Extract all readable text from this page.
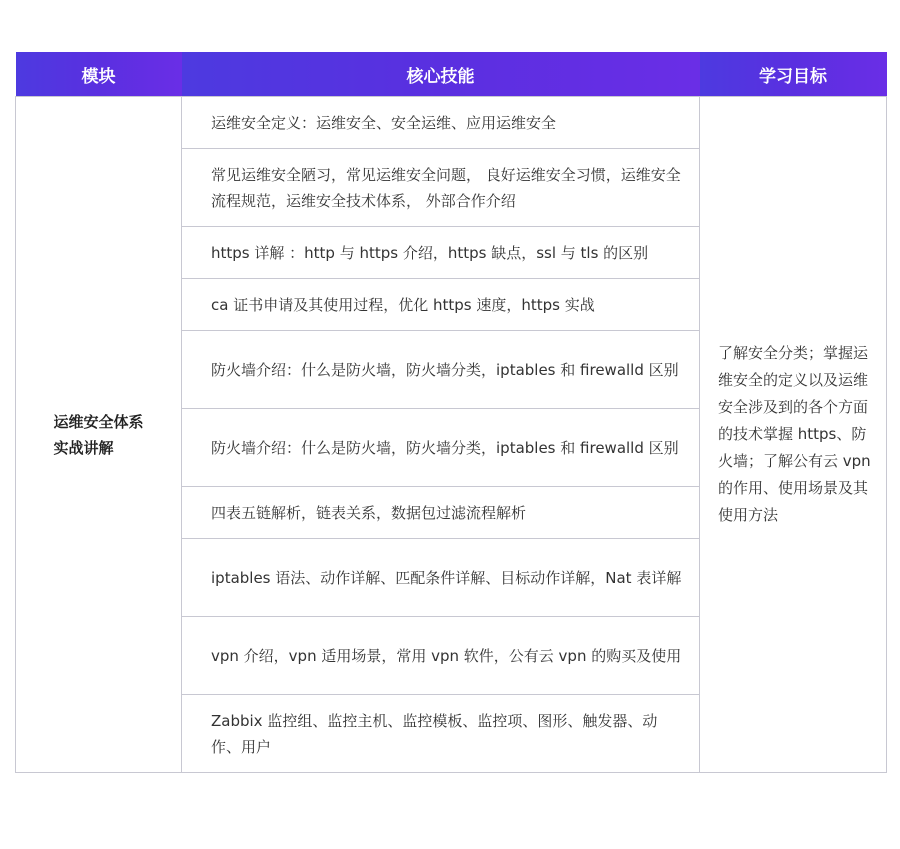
模块	核心技能	学习目标
运维安全体系实战讲解	运维安全定义：运维安全、安全运维、应用运维安全	了解安全分类；掌握运维安全的定义以及运维安全涉及到的各个方面的技术掌握 https、防火墙；了解公有云 vpn 的作用、使用场景及其使用方法
	常见运维安全陋习，常见运维安全问题， 良好运维安全习惯，运维安全流程规范，运维安全技术体系， 外部合作介绍	
	https 详解 ：http 与 https 介绍，https 缺点，ssl 与 tls 的区别	
	ca 证书申请及其使用过程，优化 https 速度，https 实战	
	防火墙介绍：什么是防火墙，防火墙分类，iptables 和 firewalld 区别	
	防火墙介绍：什么是防火墙，防火墙分类，iptables 和 firewalld 区别	
	四表五链解析，链表关系，数据包过滤流程解析	
	iptables 语法、动作详解、匹配条件详解、目标动作详解，Nat 表详解	
	vpn 介绍，vpn 适用场景，常用 vpn 软件，公有云 vpn 的购买及使用	
	Zabbix 监控组、监控主机、监控模板、监控项、图形、触发器、动作、用户	
